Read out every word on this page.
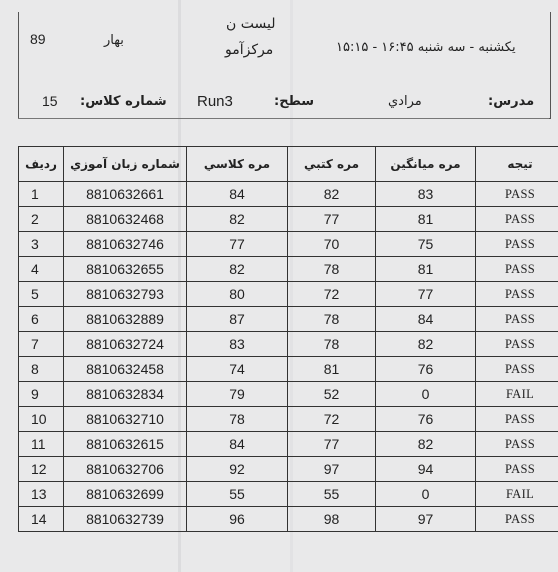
لیست ن
89	بهار
مرکزآمو	یکشنبه - سه شنبه ۱۶:۴۵ - ۱۵:۱۵
مدرس:
مرادي
سطح:
Run3
شماره کلاس:
15
رديف	شماره زبان آموزي	مره کلاسي	مره کتبي	مره میانگین	تیجه
1	8810632661	84	82	83	PASS
2	8810632468	82	77	81	PASS
3	8810632746	77	70	75	PASS
4	8810632655	82	78	81	PASS
5	8810632793	80	72	77	PASS
6	8810632889	87	78	84	PASS
7	8810632724	83	78	82	PASS
8	8810632458	74	81	76	PASS
9	8810632834	79	52	0	FAIL
10	8810632710	78	72	76	PASS
11	8810632615	84	77	82	PASS
12	8810632706	92	97	94	PASS
13	8810632699	55	55	0	FAIL
14	8810632739	96	98	97	PASS
